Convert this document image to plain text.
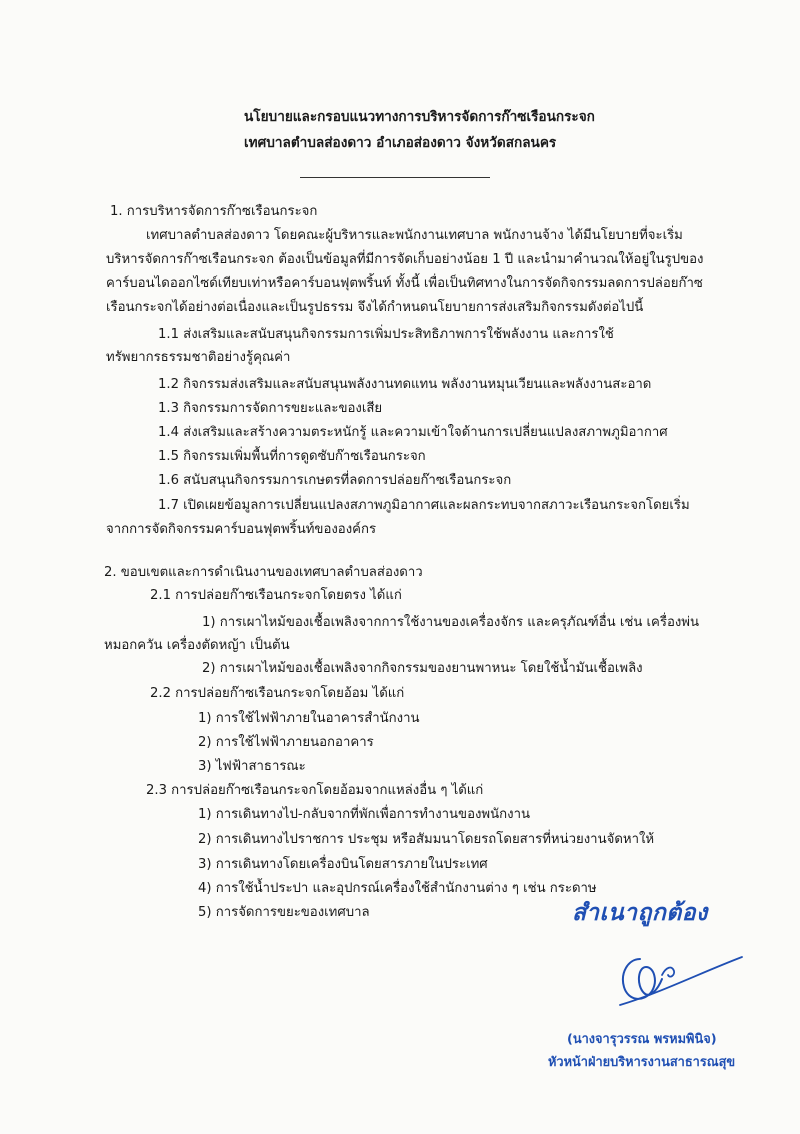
นโยบายและกรอบแนวทางการบริหารจัดการก๊าซเรือนกระจก
เทศบาลตำบลส่องดาว อำเภอส่องดาว จังหวัดสกลนคร
1. การบริหารจัดการก๊าซเรือนกระจก
เทศบาลตำบลส่องดาว โดยคณะผู้บริหารและพนักงานเทศบาล พนักงานจ้าง ได้มีนโยบายที่จะเริ่ม
บริหารจัดการก๊าซเรือนกระจก ต้องเป็นข้อมูลที่มีการจัดเก็บอย่างน้อย 1 ปี และนำมาคำนวณให้อยู่ในรูปของ
คาร์บอนไดออกไซด์เทียบเท่าหรือคาร์บอนฟุตพริ้นท์ ทั้งนี้ เพื่อเป็นทิศทางในการจัดกิจกรรมลดการปล่อยก๊าซ
เรือนกระจกได้อย่างต่อเนื่องและเป็นรูปธรรม จึงได้กำหนดนโยบายการส่งเสริมกิจกรรมดังต่อไปนี้
1.1 ส่งเสริมและสนับสนุนกิจกรรมการเพิ่มประสิทธิภาพการใช้พลังงาน และการใช้
ทรัพยากรธรรมชาติอย่างรู้คุณค่า
1.2 กิจกรรมส่งเสริมและสนับสนุนพลังงานทดแทน พลังงานหมุนเวียนและพลังงานสะอาด
1.3 กิจกรรมการจัดการขยะและของเสีย
1.4 ส่งเสริมและสร้างความตระหนักรู้ และความเข้าใจด้านการเปลี่ยนแปลงสภาพภูมิอากาศ
1.5 กิจกรรมเพิ่มพื้นที่การดูดซับก๊าซเรือนกระจก
1.6 สนับสนุนกิจกรรมการเกษตรที่ลดการปล่อยก๊าซเรือนกระจก
1.7 เปิดเผยข้อมูลการเปลี่ยนแปลงสภาพภูมิอากาศและผลกระทบจากสภาวะเรือนกระจกโดยเริ่ม
จากการจัดกิจกรรมคาร์บอนฟุตพริ้นท์ขององค์กร
2. ขอบเขตและการดำเนินงานของเทศบาลตำบลส่องดาว
2.1 การปล่อยก๊าซเรือนกระจกโดยตรง ได้แก่
1) การเผาไหม้ของเชื้อเพลิงจากการใช้งานของเครื่องจักร และครุภัณฑ์อื่น เช่น เครื่องพ่น
หมอกควัน เครื่องตัดหญ้า เป็นต้น
2) การเผาไหม้ของเชื้อเพลิงจากกิจกรรมของยานพาหนะ โดยใช้น้ำมันเชื้อเพลิง
2.2 การปล่อยก๊าซเรือนกระจกโดยอ้อม ได้แก่
1) การใช้ไฟฟ้าภายในอาคารสำนักงาน
2) การใช้ไฟฟ้าภายนอกอาคาร
3) ไฟฟ้าสาธารณะ
2.3 การปล่อยก๊าซเรือนกระจกโดยอ้อมจากแหล่งอื่น ๆ ได้แก่
1) การเดินทางไป-กลับจากที่พักเพื่อการทำงานของพนักงาน
2) การเดินทางไปราชการ ประชุม หรือสัมมนาโดยรถโดยสารที่หน่วยงานจัดหาให้
3) การเดินทางโดยเครื่องบินโดยสารภายในประเทศ
4) การใช้น้ำประปา และอุปกรณ์เครื่องใช้สำนักงานต่าง ๆ เช่น กระดาษ
5) การจัดการขยะของเทศบาล	สำเนาถูกต้อง
(นางจารุวรรณ พรหมพินิจ)
หัวหน้าฝ่ายบริหารงานสาธารณสุข
